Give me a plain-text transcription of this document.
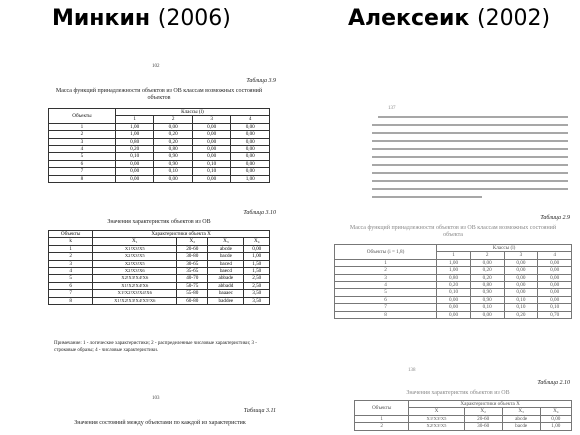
Минкин (2006)	Алексеик (2002)
102
Таблица 3.9
Масса функций принадлежности объектов из ОВ классам возможных состояний объектов
Объекты	Классы (l)			
	1	2	3	4
1	1,00	0,00	0,00	0,00
2	1,00	0,20	0,00	0,00
3	0,80	0,20	0,00	0,00
4	0,20	0,80	0,00	0,00
5	0,10	0,90	0,00	0,00
6	0,00	0,90	0,10	0,00
7	0,00	0,10	0,10	0,00
8	0,00	0,00	0,00	1,00
Таблица 3.10
Значения характеристик объектов из ОВ
Объекты	Характеристики объекта X			
k	X₁	X₂	X₃	X₄
1	X1!X3!X5	20-60	abcde	0,00
2	X2!X3!X5	30-80	bacde	1,00
3	X2!X3!X5	30-65	baced	1,50
4	X2!X3!X6	35-65	baecd	1,50
5	X2!X3!X4!X6	40-70	abbade	2,50
6	X1!X2!X4!X6	50-75	abbadd	2,50
7	X1!X2!X3!X4!X6	55-80	baaaec	3,50
8	X1!X2!X3!X4!X5!X6	60-80	baddee	3,50
Примечание: 1 - логические характеристики; 2 - распределенные числовые характеристики; 3 - строковые образы; 4 - числовые характеристики.
103
Таблица 3.11
Значения состояний между объектами по каждой из характеристик
137
Таблица 2.9
Масса функций принадлежности объектов из ОВ классам возможных состояний объекта
Объекты (i = 1,8)	Классы (l)			
	1	2	3	4
1	1,00	0,00	0,00	0,00
2	1,00	0,20	0,00	0,00
3	0,80	0,20	0,00	0,00
4	0,20	0,80	0,00	0,00
5	0,10	0,90	0,00	0,00
6	0,00	0,90	0,10	0,00
7	0,00	0,10	0,10	0,10
8	0,00	0,00	0,20	0,70
138
Таблица 2.10
Значения характеристик объектов из ОВ
Объекты	Характеристики объекта X			
	X	X₂	X₃	X₄
1	X1!X3!X5	20-60	abcde	0,00
2	X2!X3!X5	30-60	bacde	1,00
